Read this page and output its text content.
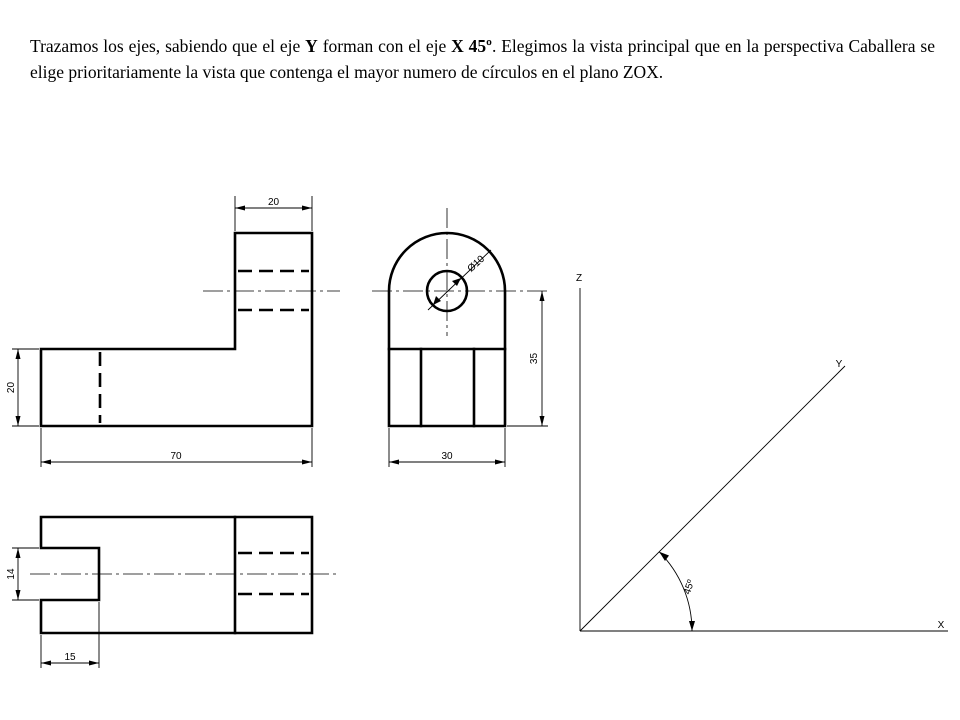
Trazamos los ejes, sabiendo que el eje Y forman con el eje X 45º. Elegimos la vista principal que en la perspectiva Caballera se elige prioritariamente la vista que contenga el mayor numero de círculos en el plano ZOX.
20
20
70
Ø10
35
30
14
15
Z
Y
X
45º
